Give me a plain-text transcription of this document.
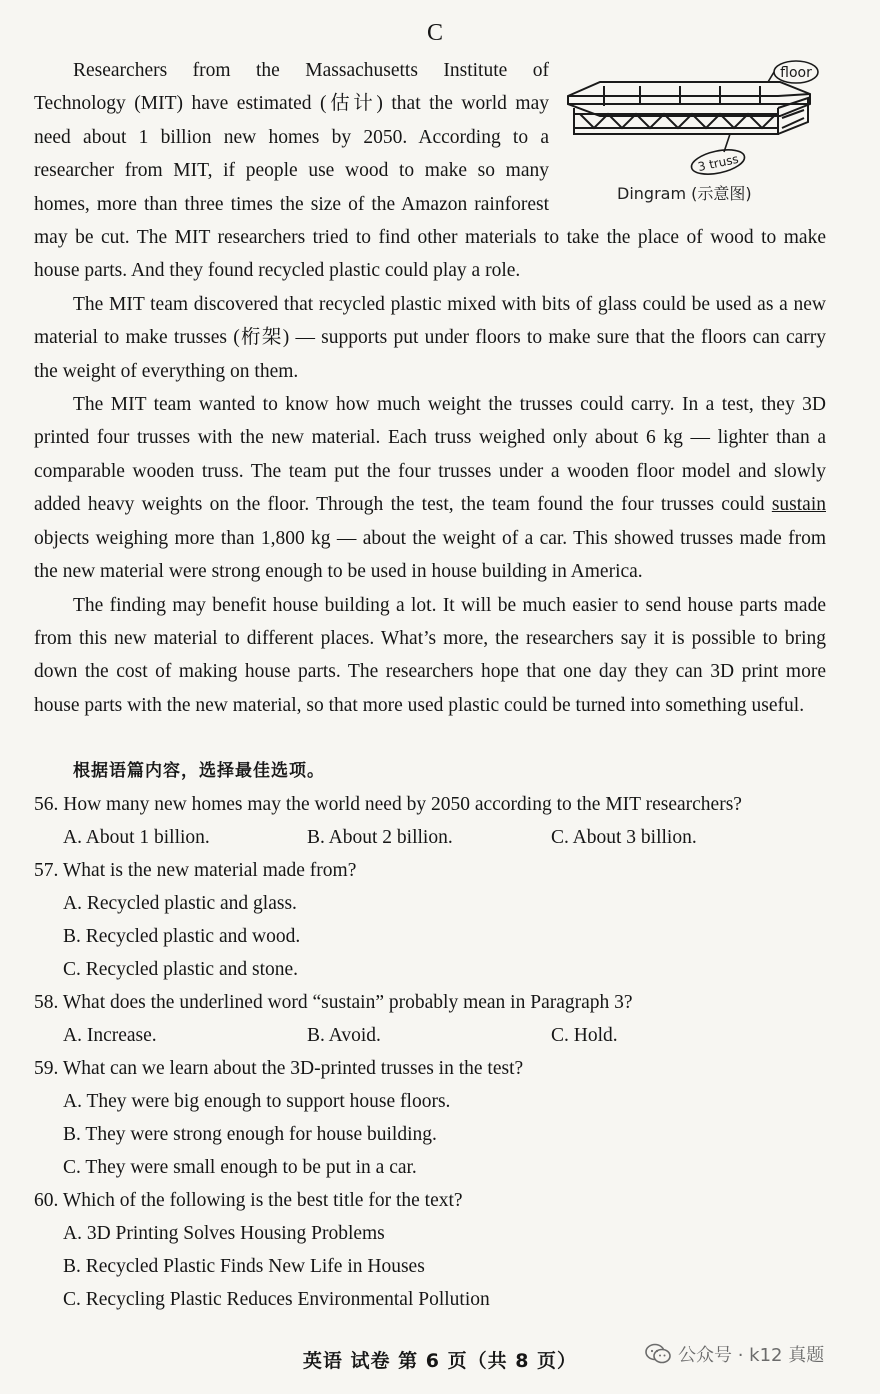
C
floor
3 truss
Dingram (示意图)
Researchers from the Massachusetts Institute of
Technology (MIT) have estimated (估计) that the world may
need about 1 billion new homes by 2050. According to a
researcher from MIT, if people use wood to make so many
homes, more than three times the size of the Amazon rainforest

may be cut. The MIT researchers tried to find other materials to take the place of wood to make house parts. And they found recycled plastic could play a role.

The MIT team discovered that recycled plastic mixed with bits of glass could be used as a new material to make trusses (桁架) — supports put under floors to make sure that the floors can carry the weight of everything on them.

The MIT team wanted to know how much weight the trusses could carry. In a test, they 3D printed four trusses with the new material. Each truss weighed only about 6 kg — lighter than a comparable wooden truss. The team put the four trusses under a wooden floor model and slowly added heavy weights on the floor. Through the test, the team found the four trusses could sustain objects weighing more than 1,800 kg — about the weight of a car. This showed trusses made from the new material were strong enough to be used in house building in America.

The finding may benefit house building a lot. It will be much easier to send house parts made from this new material to different places. What’s more, the researchers say it is possible to bring down the cost of making house parts. The researchers hope that one day they can 3D print more house parts with the new material, so that more used plastic could be turned into something useful.

根据语篇内容，选择最佳选项。
56. How many new homes may the world need by 2050 according to the MIT researchers?
A. About 1 billion.	B. About 2 billion.	C. About 3 billion.
57. What is the new material made from?
A. Recycled plastic and glass.
B. Recycled plastic and wood.
C. Recycled plastic and stone.
58. What does the underlined word “sustain” probably mean in Paragraph 3?
A. Increase.	B. Avoid.	C. Hold.
59. What can we learn about the 3D-printed trusses in the test?
A. They were big enough to support house floors.
B. They were strong enough for house building.
C. They were small enough to be put in a car.
60. Which of the following is the best title for the text?
A. 3D Printing Solves Housing Problems
B. Recycled Plastic Finds New Life in Houses
C. Recycling Plastic Reduces Environmental Pollution
英语 试卷 第 6 页（共 8 页）	公众号 · k12 真题
